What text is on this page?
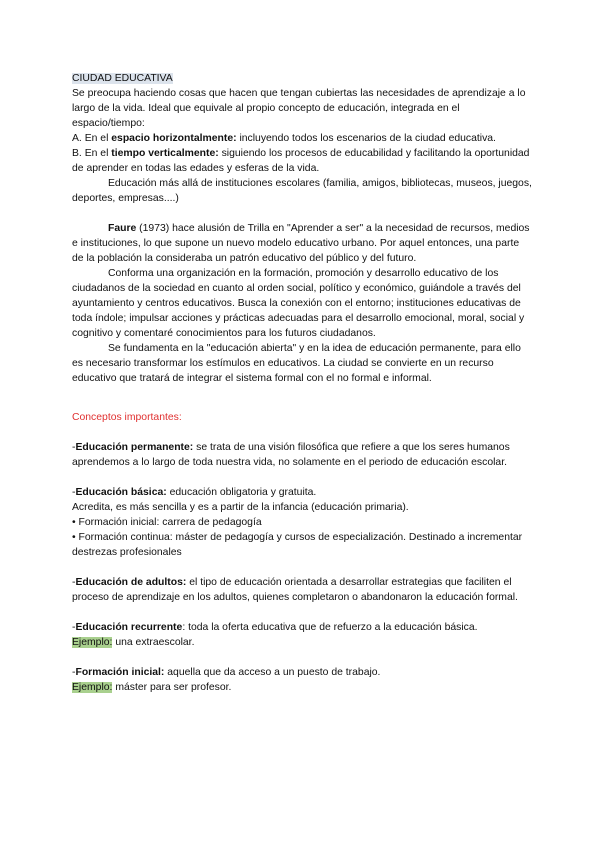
CIUDAD EDUCATIVA

Se preocupa haciendo cosas que hacen que tengan cubiertas las necesidades de aprendizaje a lo largo de la vida. Ideal que equivale al propio concepto de educación, integrada en el espacio/tiempo:

A. En el espacio horizontalmente: incluyendo todos los escenarios de la ciudad educativa.

B. En el tiempo verticalmente: siguiendo los procesos de educabilidad y facilitando la oportunidad de aprender en todas las edades y esferas de la vida.

Educación más allá de instituciones escolares (familia, amigos, bibliotecas, museos, juegos, deportes, empresas....)

Faure (1973) hace alusión de Trilla en "Aprender a ser" a la necesidad de recursos, medios e instituciones, lo que supone un nuevo modelo educativo urbano. Por aquel entonces, una parte de la población la consideraba un patrón educativo del público y del futuro.

Conforma una organización en la formación, promoción y desarrollo educativo de los ciudadanos de la sociedad en cuanto al orden social, político y económico, guiándole a través del ayuntamiento y centros educativos. Busca la conexión con el entorno; instituciones educativas de toda índole; impulsar acciones y prácticas adecuadas para el desarrollo emocional, moral, social y cognitivo y comentaré conocimientos para los futuros ciudadanos.

Se fundamenta en la "educación abierta" y en la idea de educación permanente, para ello es necesario transformar los estímulos en educativos. La ciudad se convierte en un recurso educativo que tratará de integrar el sistema formal con el no formal e informal.

Conceptos importantes:

-Educación permanente: se trata de una visión filosófica que refiere a que los seres humanos aprendemos a lo largo de toda nuestra vida, no solamente en el periodo de educación escolar.

-Educación básica: educación obligatoria y gratuita.

Acredita, es más sencilla y es a partir de la infancia (educación primaria).

• Formación inicial: carrera de pedagogía

• Formación continua: máster de pedagogía y cursos de especialización. Destinado a incrementar destrezas profesionales

-Educación de adultos: el tipo de educación orientada a desarrollar estrategias que faciliten el proceso de aprendizaje en los adultos, quienes completaron o abandonaron la educación formal.

-Educación recurrente: toda la oferta educativa que de refuerzo a la educación básica.

Ejemplo: una extraescolar.

-Formación inicial: aquella que da acceso a un puesto de trabajo.

Ejemplo: máster para ser profesor.
